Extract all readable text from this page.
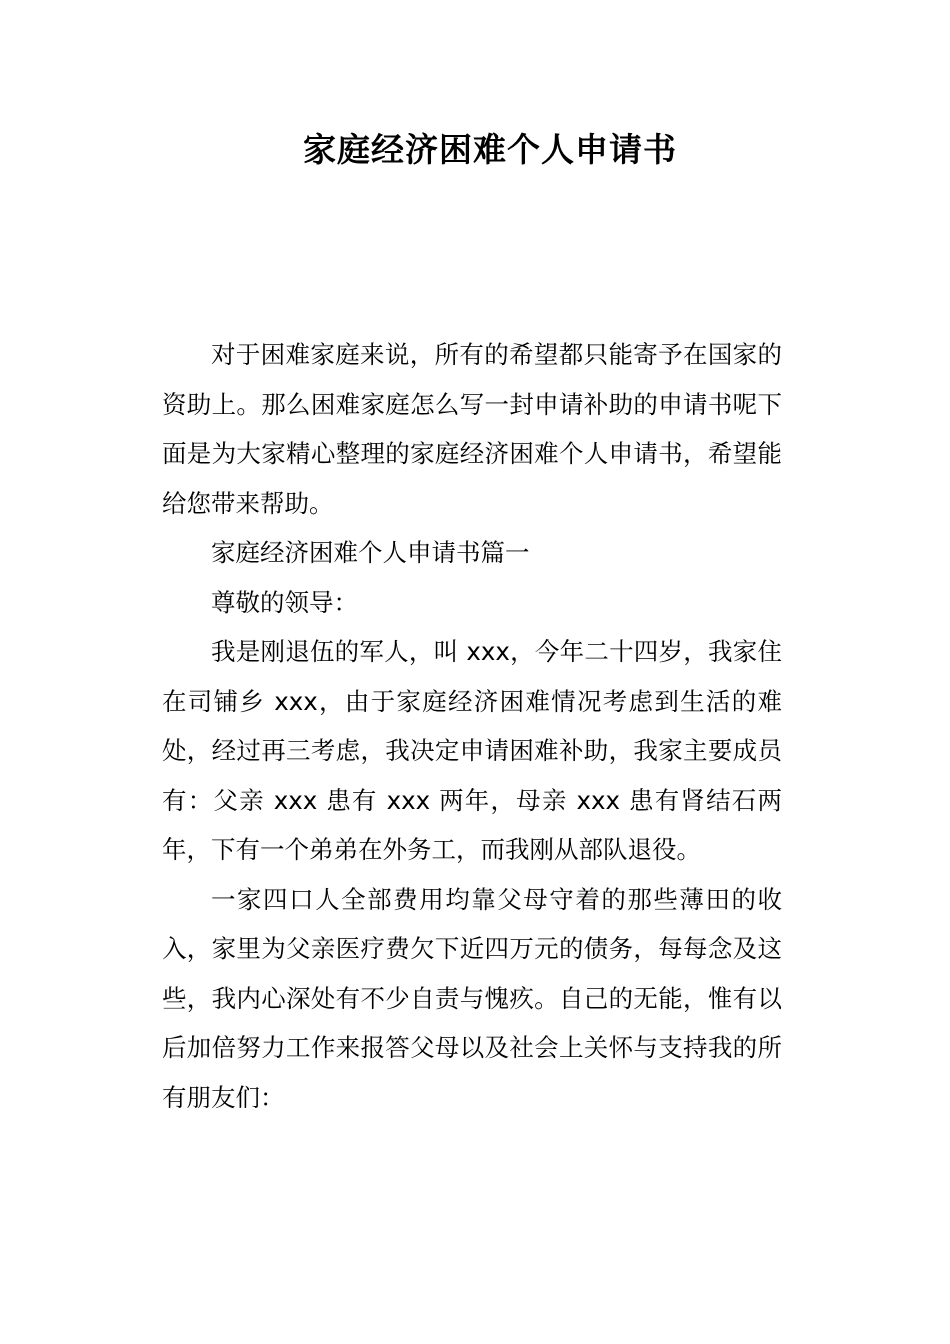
家庭经济困难个人申请书

对于困难家庭来说，所有的希望都只能寄予在国家的资助上。那么困难家庭怎么写一封申请补助的申请书呢下面是为大家精心整理的家庭经济困难个人申请书，希望能给您带来帮助。

家庭经济困难个人申请书篇一

尊敬的领导：

我是刚退伍的军人，叫 xxx，今年二十四岁，我家住在司铺乡 xxx，由于家庭经济困难情况考虑到生活的难处，经过再三考虑，我决定申请困难补助，我家主要成员有：父亲 xxx 患有 xxx 两年，母亲 xxx 患有肾结石两年，下有一个弟弟在外务工，而我刚从部队退役。

一家四口人全部费用均靠父母守着的那些薄田的收入，家里为父亲医疗费欠下近四万元的债务，每每念及这些，我内心深处有不少自责与愧疚。自己的无能，惟有以后加倍努力工作来报答父母以及社会上关怀与支持我的所有朋友们：
